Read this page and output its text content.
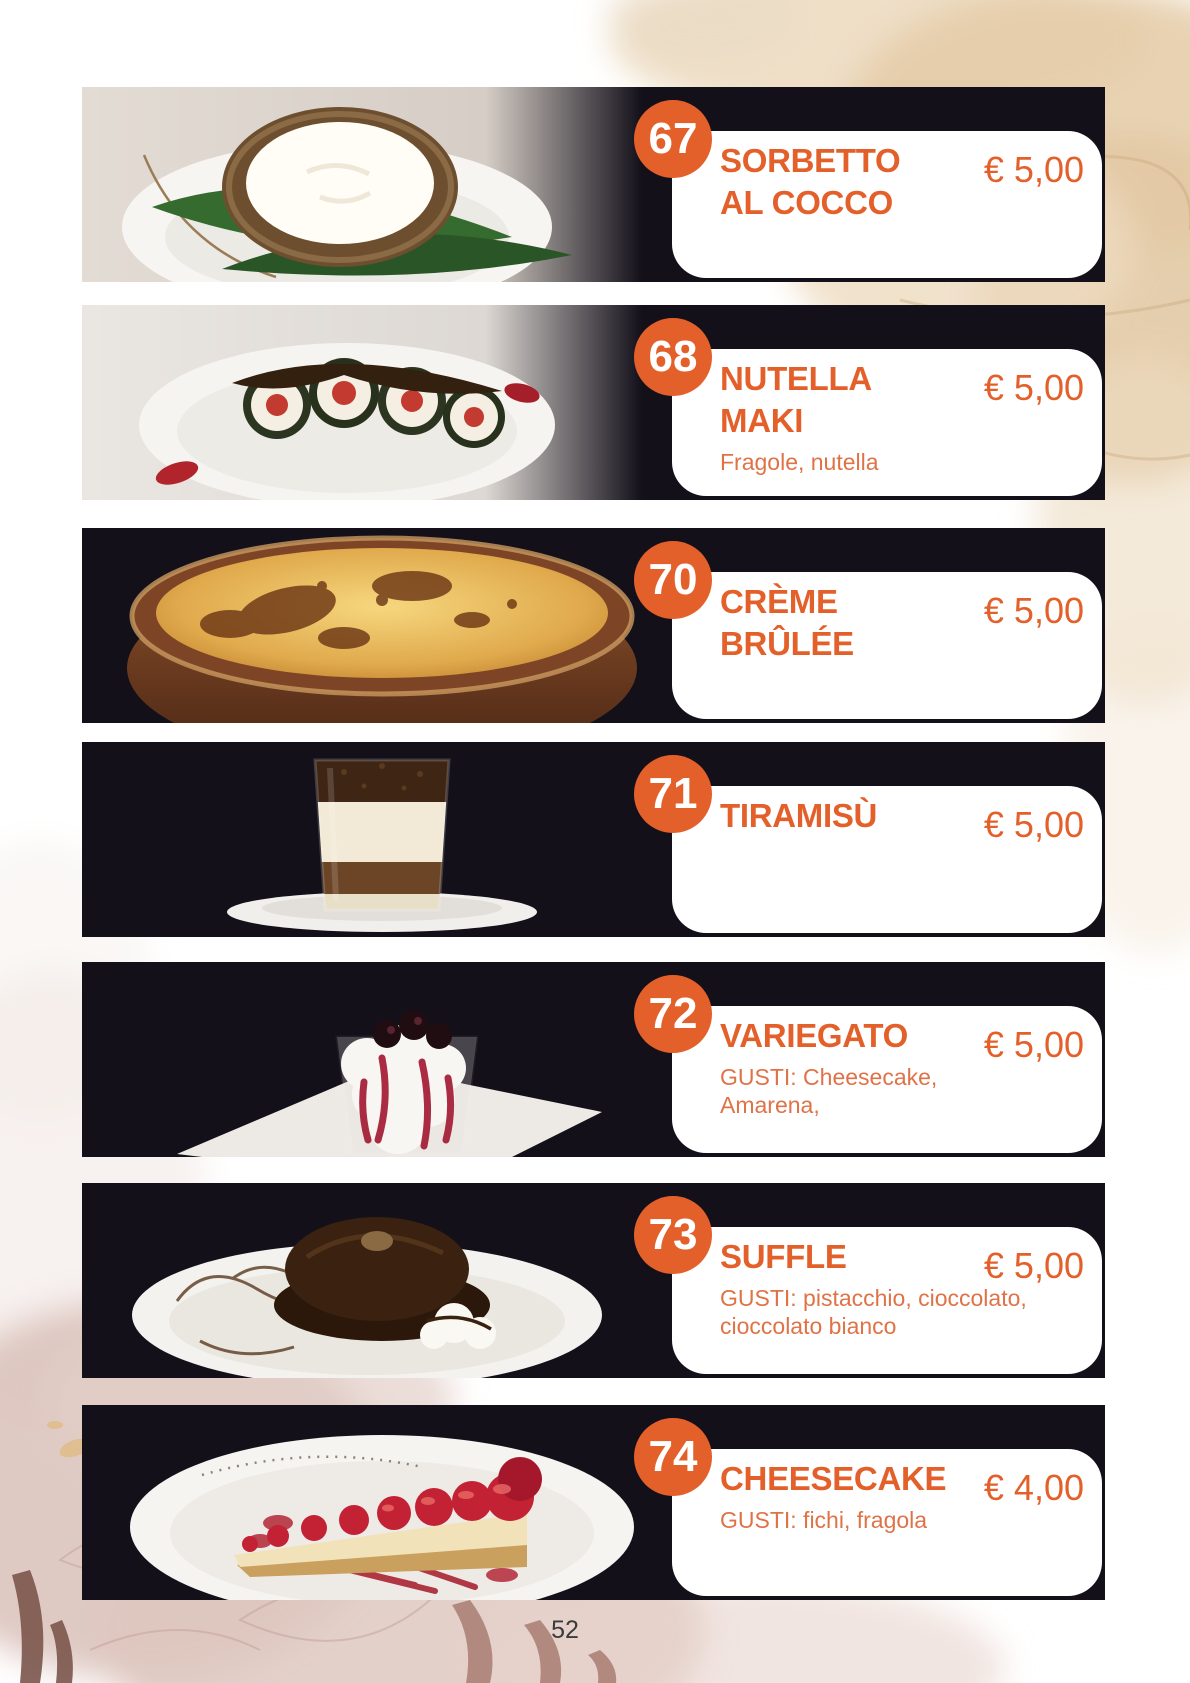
67 SORBETTO
AL COCCO
€ 5,00
68 NUTELLA
MAKI

Fragole, nutella

€ 5,00
70 CRÈME
BRÛLÉE
€ 5,00
71 TIRAMISÙ	€ 5,00
72 VARIEGATO

GUSTI: Cheesecake,
Amarena,

€ 5,00
73 SUFFLE

GUSTI: pistacchio, cioccolato,
cioccolato bianco

€ 5,00
74 CHEESECAKE

GUSTI: fichi, fragola

€ 4,00
52
